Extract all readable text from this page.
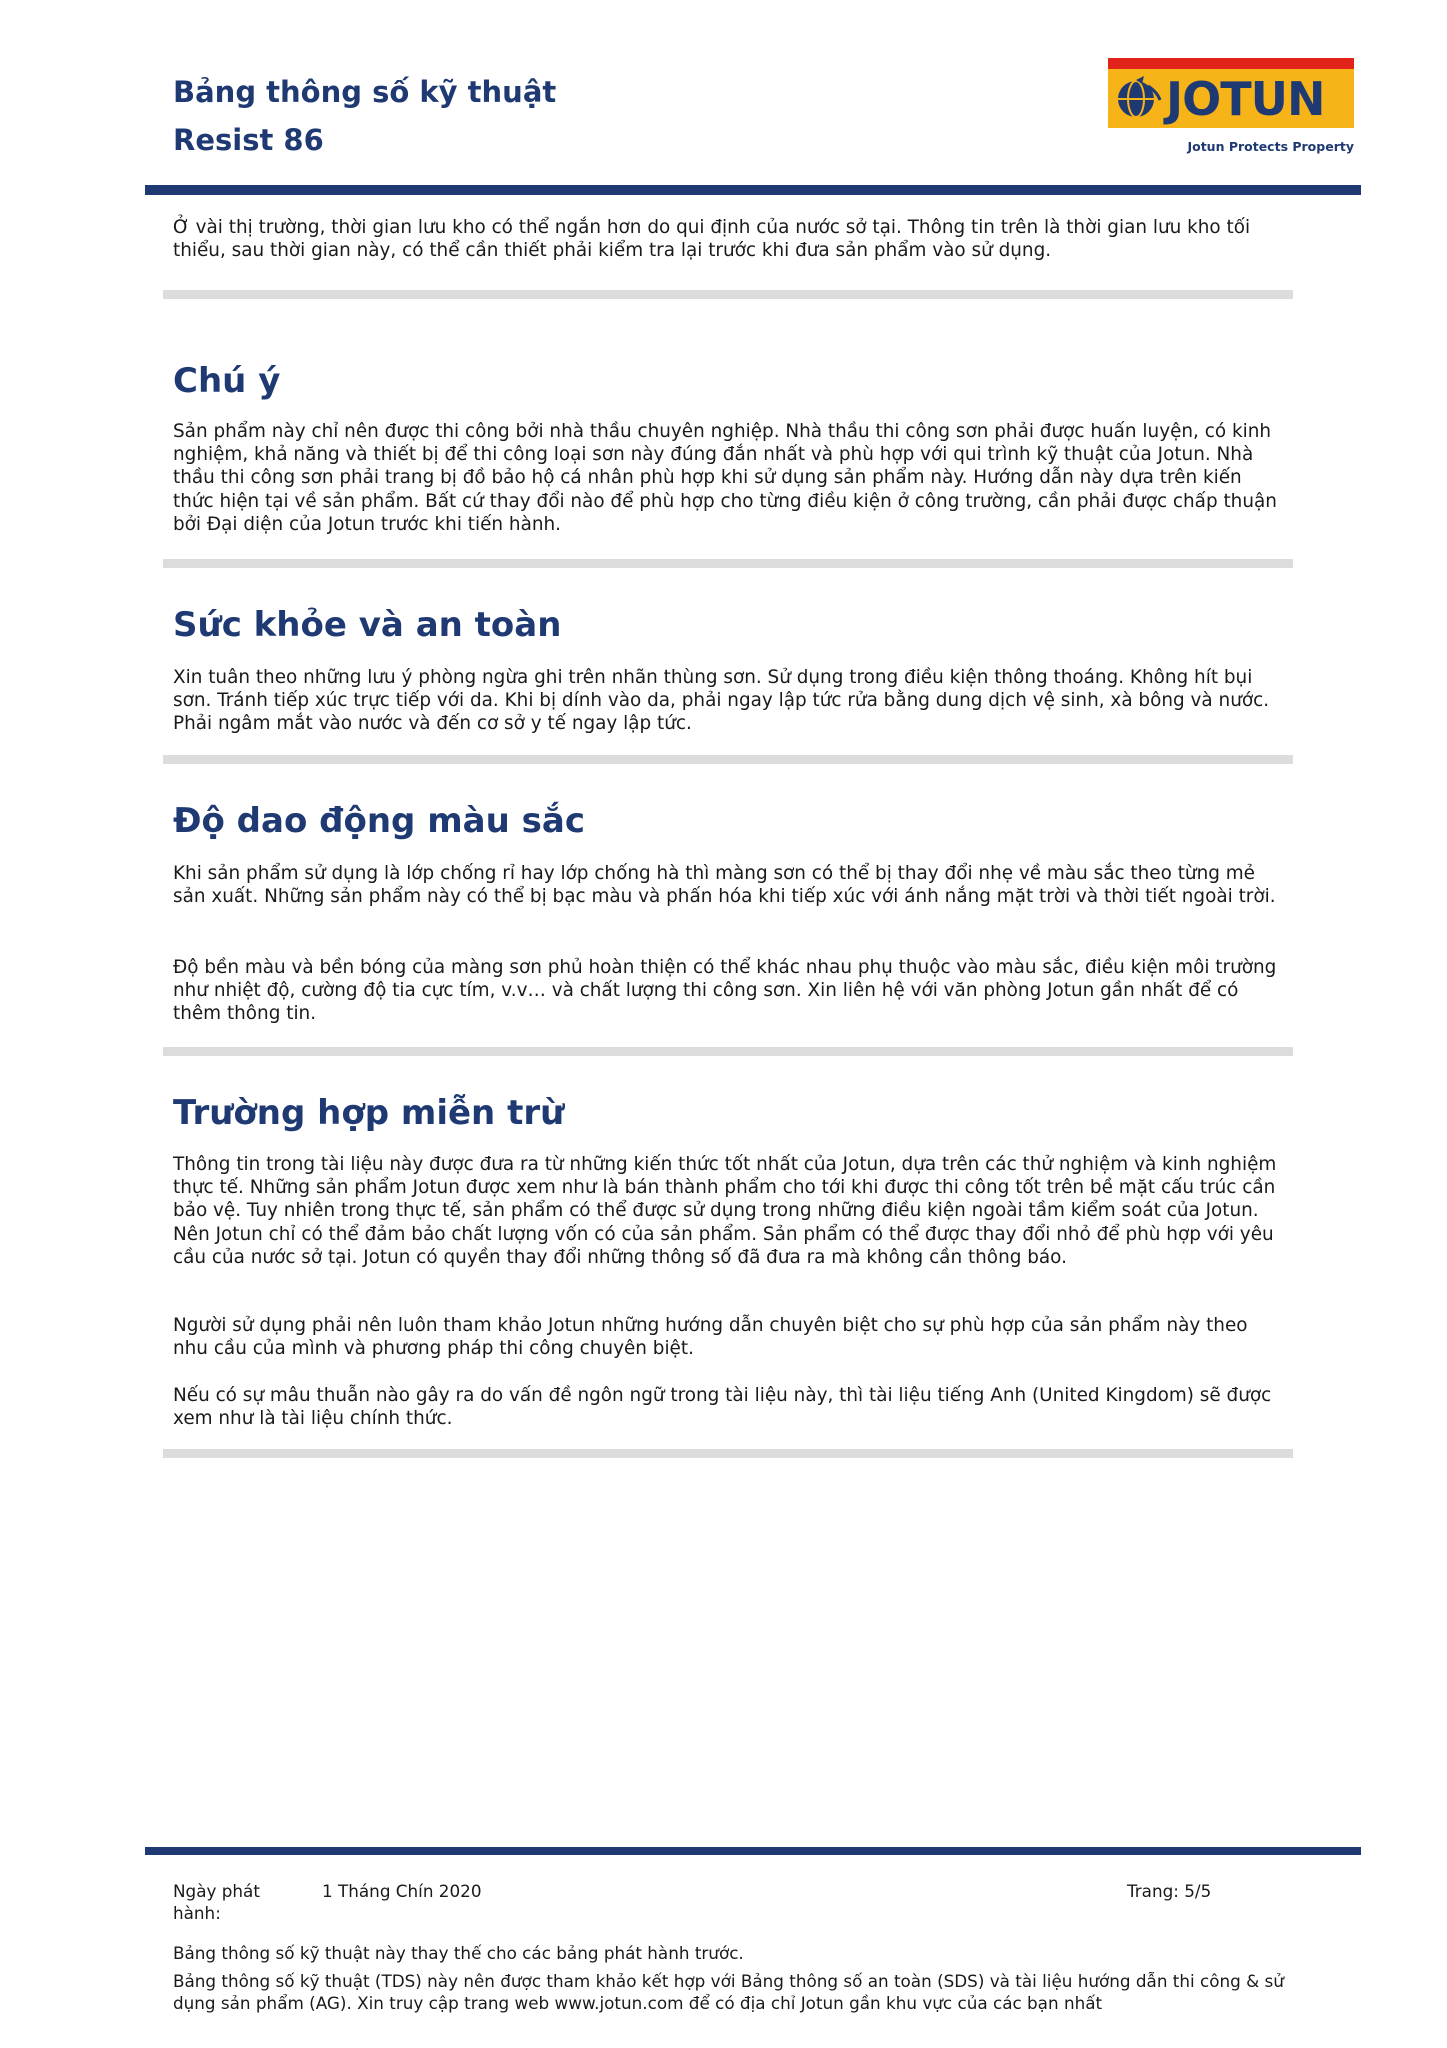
Bảng thông số kỹ thuật
Resist 86
JOTUN
Jotun Protects Property

Ở vài thị trường, thời gian lưu kho có thể ngắn hơn do qui định của nước sở tại. Thông tin trên là thời gian lưu kho tối thiểu, sau thời gian này, có thể cần thiết phải kiểm tra lại trước khi đưa sản phẩm vào sử dụng.

Chú ý

Sản phẩm này chỉ nên được thi công bởi nhà thầu chuyên nghiệp. Nhà thầu thi công sơn phải được huấn luyện, có kinh nghiệm, khả năng và thiết bị để thi công loại sơn này đúng đắn nhất và phù hợp với qui trình kỹ thuật của Jotun. Nhà thầu thi công sơn phải trang bị đồ bảo hộ cá nhân phù hợp khi sử dụng sản phẩm này. Hướng dẫn này dựa trên kiến thức hiện tại về sản phẩm. Bất cứ thay đổi nào để phù hợp cho từng điều kiện ở công trường, cần phải được chấp thuận bởi Đại diện của Jotun trước khi tiến hành.

Sức khỏe và an toàn

Xin tuân theo những lưu ý phòng ngừa ghi trên nhãn thùng sơn. Sử dụng trong điều kiện thông thoáng. Không hít bụi sơn. Tránh tiếp xúc trực tiếp với da. Khi bị dính vào da, phải ngay lập tức rửa bằng dung dịch vệ sinh, xà bông và nước. Phải ngâm mắt vào nước và đến cơ sở y tế ngay lập tức.

Độ dao động màu sắc

Khi sản phẩm sử dụng là lớp chống rỉ hay lớp chống hà thì màng sơn có thể bị thay đổi nhẹ về màu sắc theo từng mẻ sản xuất. Những sản phẩm này có thể bị bạc màu và phấn hóa khi tiếp xúc với ánh nắng mặt trời và thời tiết ngoài trời.

Độ bền màu và bền bóng của màng sơn phủ hoàn thiện có thể khác nhau phụ thuộc vào màu sắc, điều kiện môi trường như nhiệt độ, cường độ tia cực tím, v.v… và chất lượng thi công sơn. Xin liên hệ với văn phòng Jotun gần nhất để có thêm thông tin.

Trường hợp miễn trừ

Thông tin trong tài liệu này được đưa ra từ những kiến thức tốt nhất của Jotun, dựa trên các thử nghiệm và kinh nghiệm thực tế. Những sản phẩm Jotun được xem như là bán thành phẩm cho tới khi được thi công tốt trên bề mặt cấu trúc cần bảo vệ. Tuy nhiên trong thực tế, sản phẩm có thể được sử dụng trong những điều kiện ngoài tầm kiểm soát của Jotun. Nên Jotun chỉ có thể đảm bảo chất lượng vốn có của sản phẩm. Sản phẩm có thể được thay đổi nhỏ để phù hợp với yêu cầu của nước sở tại. Jotun có quyền thay đổi những thông số đã đưa ra mà không cần thông báo.

Người sử dụng phải nên luôn tham khảo Jotun những hướng dẫn chuyên biệt cho sự phù hợp của sản phẩm này theo nhu cầu của mình và phương pháp thi công chuyên biệt.

Nếu có sự mâu thuẫn nào gây ra do vấn đề ngôn ngữ trong tài liệu này, thì tài liệu tiếng Anh (United Kingdom) sẽ được xem như là tài liệu chính thức.

Ngày phát hành:
1 Tháng Chín 2020	Trang: 5/5
Bảng thông số kỹ thuật này thay thế cho các bảng phát hành trước.
Bảng thông số kỹ thuật (TDS) này nên được tham khảo kết hợp với Bảng thông số an toàn (SDS) và tài liệu hướng dẫn thi công & sử dụng sản phẩm (AG). Xin truy cập trang web www.jotun.com để có địa chỉ Jotun gần khu vực của các bạn nhất
